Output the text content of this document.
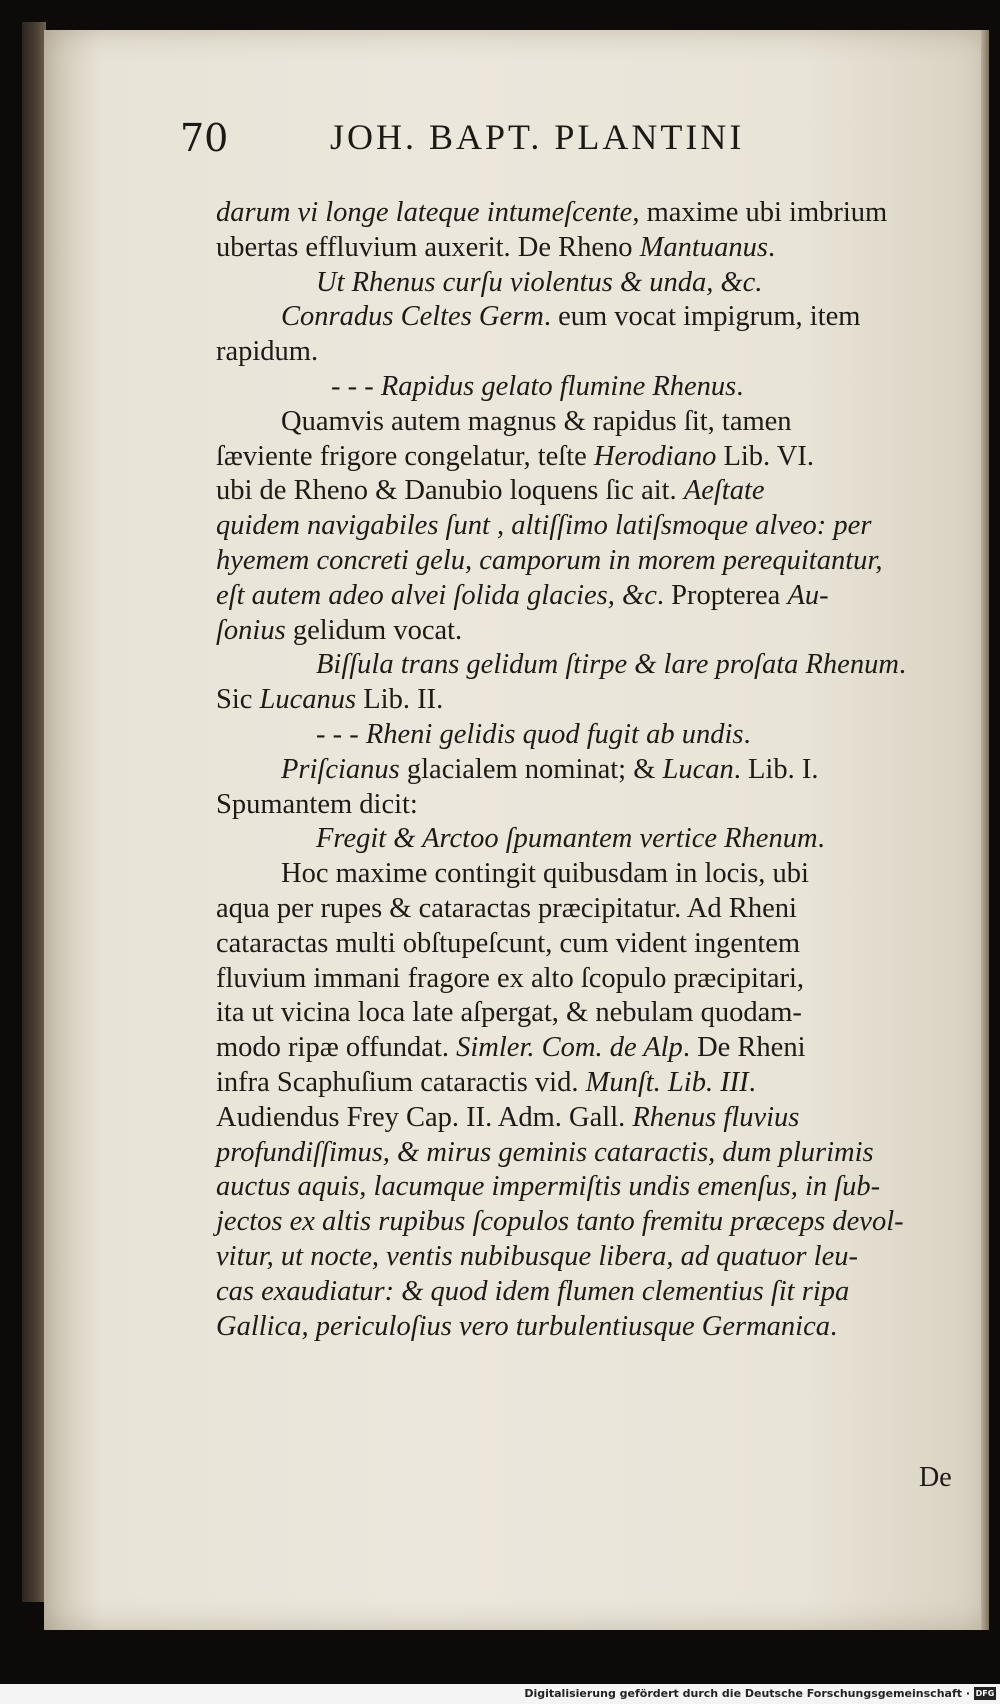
70	JOH. BAPT. PLANTINI
darum vi longe lateque intumeſcente, maxime ubi imbrium
ubertas effluvium auxerit. De Rheno Mantuanus.
Ut Rhenus curſu violentus & unda, &c.
Conradus Celtes Germ. eum vocat impigrum, item
rapidum.
- - - Rapidus gelato flumine Rhenus.
Quamvis autem magnus & rapidus ſit, tamen
ſæviente frigore congelatur, teſte Herodiano Lib. VI.
ubi de Rheno & Danubio loquens ſic ait. Aeſtate
quidem navigabiles ſunt , altiſſimo latiſsmoque alveo: per
hyemem concreti gelu, camporum in morem perequitantur,
eſt autem adeo alvei ſolida glacies, &c. Propterea Au-
ſonius gelidum vocat.
Biſſula trans gelidum ſtirpe & lare proſata Rhenum.
Sic Lucanus Lib. II.
- - - Rheni gelidis quod fugit ab undis.
Priſcianus glacialem nominat; & Lucan. Lib. I.
Spumantem dicit:
Fregit & Arctoo ſpumantem vertice Rhenum.
Hoc maxime contingit quibusdam in locis, ubi
aqua per rupes & cataractas præcipitatur. Ad Rheni
cataractas multi obſtupeſcunt, cum vident ingentem
fluvium immani fragore ex alto ſcopulo præcipitari,
ita ut vicina loca late aſpergat, & nebulam quodam-
modo ripæ offundat. Simler. Com. de Alp. De Rheni
infra Scaphuſium cataractis vid. Munſt. Lib. III.
Audiendus Frey Cap. II. Adm. Gall. Rhenus fluvius
profundiſſimus, & mirus geminis cataractis, dum plurimis
auctus aquis, lacumque impermiſtis undis emenſus, in ſub-
jectos ex altis rupibus ſcopulos tanto fremitu præceps devol-
vitur, ut nocte, ventis nubibusque libera, ad quatuor leu-
cas exaudiatur: & quod idem flumen clementius ſit ripa
Gallica, periculoſius vero turbulentiusque Germanica.
De
Digitalisierung gefördert durch die Deutsche Forschungsgemeinschaft · DFG
